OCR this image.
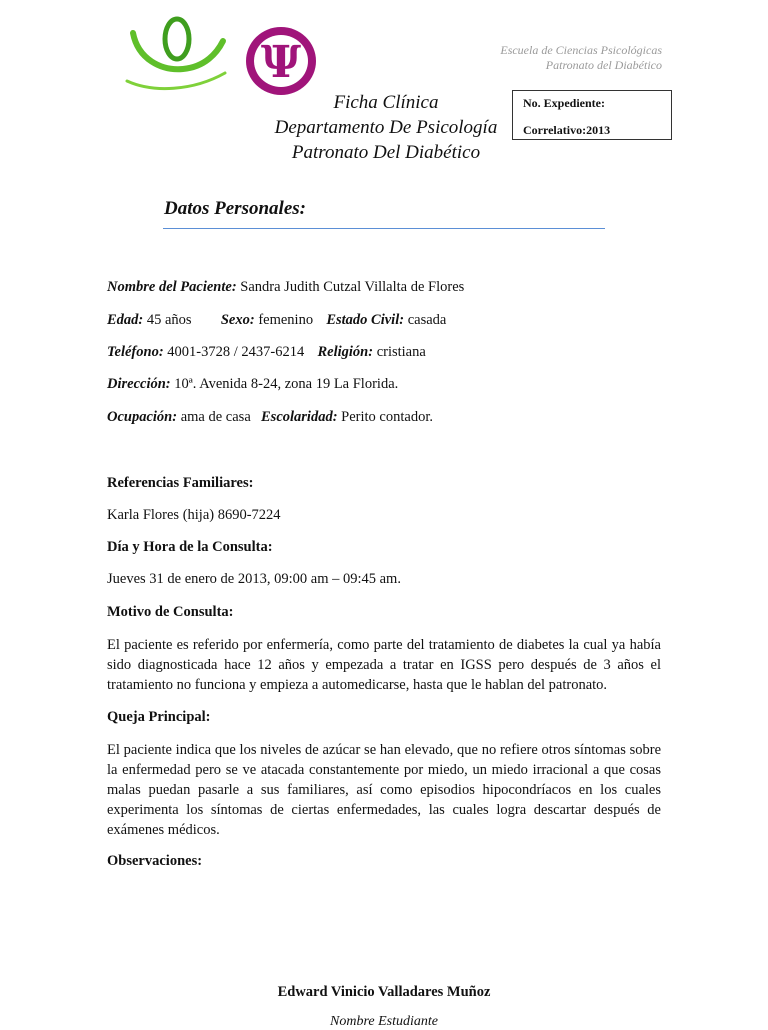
Ψ	Escuela de Ciencias Psicológicas
Patronato del Diabético
Ficha Clínica
Departamento De Psicología
Patronato Del Diabético
No. Expediente:
Correlativo:2013
Datos Personales:
Nombre del Paciente: Sandra Judith Cutzal Villalta de Flores
Edad: 45 años Sexo: femenino Estado Civil: casada
Teléfono: 4001-3728 / 2437-6214 Religión: cristiana
Dirección: 10ª. Avenida 8-24, zona 19 La Florida.
Ocupación: ama de casa Escolaridad: Perito contador.
Referencias Familiares:
Karla Flores (hija) 8690-7224
Día y Hora de la Consulta:
Jueves 31 de enero de 2013, 09:00 am – 09:45 am.
Motivo de Consulta:
El paciente es referido por enfermería, como parte del tratamiento de diabetes la cual ya había sido diagnosticada hace 12 años y empezada a tratar en IGSS pero después de 3 años el tratamiento no funciona y empieza a automedicarse, hasta que le hablan del patronato.
Queja Principal:
El paciente indica que los niveles de azúcar se han elevado, que no refiere otros síntomas sobre la enfermedad pero se ve atacada constantemente por miedo, un miedo irracional a que cosas malas puedan pasarle a sus familiares, así como episodios hipocondríacos en los cuales experimenta los síntomas de ciertas enfermedades, las cuales logra descartar después de exámenes médicos.
Observaciones:
Edward Vinicio Valladares Muñoz
Nombre Estudiante
